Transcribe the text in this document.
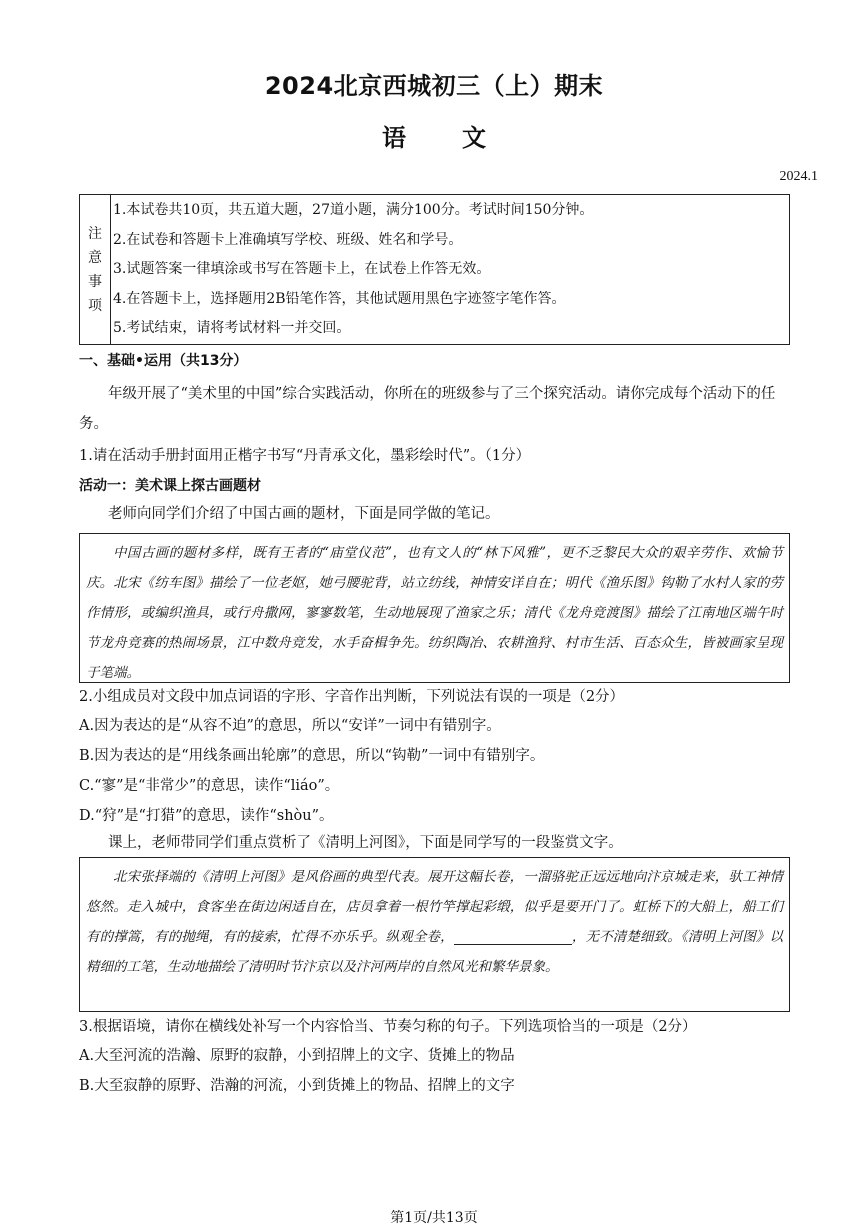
2024北京西城初三（上）期末
语文
2024.1
注
意
事
项
1.本试卷共10页，共五道大题，27道小题，满分100分。考试时间150分钟。
2.在试卷和答题卡上准确填写学校、班级、姓名和学号。
3.试题答案一律填涂或书写在答题卡上，在试卷上作答无效。
4.在答题卡上，选择题用2B铅笔作答，其他试题用黑色字迹签字笔作答。
5.考试结束，请将考试材料一并交回。
一、基础•运用（共13分）
年级开展了“美术里的中国”综合实践活动，你所在的班级参与了三个探究活动。请你完成每个活动下的任务。
1.请在活动手册封面用正楷字书写“丹青承文化，墨彩绘时代”。（1分）
活动一：美术课上探古画题材
老师向同学们介绍了中国古画的题材，下面是同学做的笔记。
中国古画的题材多样，既有王者的“庙堂仪范”，也有文人的“林下风雅”，更不乏黎民大众的艰辛劳作、欢愉节庆。北宋《纺车图》描绘了一位老妪，她弓腰驼背，站立纺线，神情安详自在；明代《渔乐图》钩勒了水村人家的劳作情形，或编织渔具，或行舟撒网，寥寥数笔，生动地展现了渔家之乐；清代《龙舟竞渡图》描绘了江南地区端午时节龙舟竞赛的热闹场景，江中数舟竞发，水手奋楫争先。纺织陶冶、农耕渔狩、村市生活、百态众生，皆被画家呈现于笔端。
2.小组成员对文段中加点词语的字形、字音作出判断，下列说法有误的一项是（2分）
A.因为表达的是“从容不迫”的意思，所以“安详”一词中有错别字。
B.因为表达的是“用线条画出轮廓”的意思，所以“钩勒”一词中有错别字。
C.“寥”是“非常少”的意思，读作“liáo”。
D.“狩”是“打猎”的意思，读作“shòu”。
课上，老师带同学们重点赏析了《清明上河图》，下面是同学写的一段鉴赏文字。
北宋张择端的《清明上河图》是风俗画的典型代表。展开这幅长卷，一溜骆驼正远远地向汴京城走来，驮工神情悠然。走入城中，食客坐在街边闲适自在，店员拿着一根竹竿撑起彩缎，似乎是要开门了。虹桥下的大船上，船工们有的撑篙，有的抛绳，有的接索，忙得不亦乐乎。纵观全卷，	，无不清楚细致。《清明上河图》以精细的工笔，生动地描绘了清明时节汴京以及汴河两岸的自然风光和繁华景象。
3.根据语境，请你在横线处补写一个内容恰当、节奏匀称的句子。下列选项恰当的一项是（2分）
A.大至河流的浩瀚、原野的寂静，小到招牌上的文字、货摊上的物品
B.大至寂静的原野、浩瀚的河流，小到货摊上的物品、招牌上的文字
第1页/共13页
